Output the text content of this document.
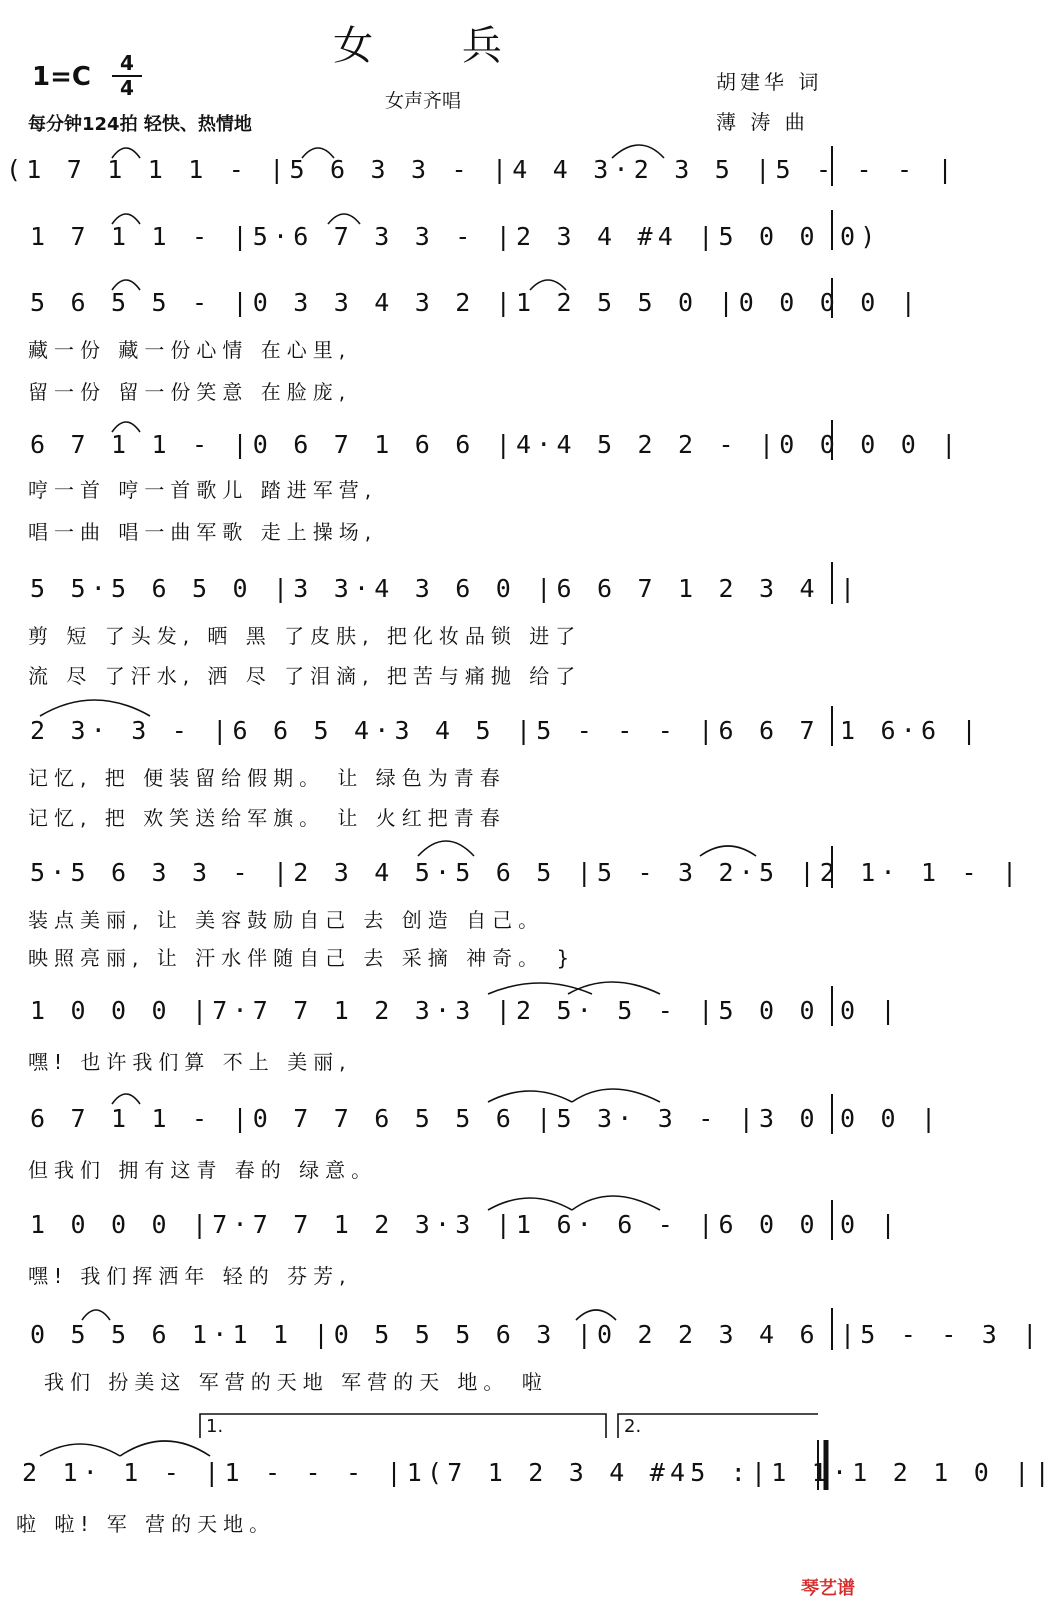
女 兵
1=C	4
4
每分钟124拍 轻快、热情地
女声齐唱
胡建华 词
薄 涛 曲
(1 7 1 1 1 - |5 6 3 3 - |4 4 3·2 3 5 |5 - - - |
1 7 1 1 - |5·6 7 3 3 - |2 3 4 #4 |5 0 0 0)
5 6 5 5 - |0 3 3 4 3 2 |1 2 5 5 0 |0 0 0 0 |
藏一份 藏一份心情 在心里,
留一份 留一份笑意 在脸庞,
6 7 1 1 - |0 6 7 1 6 6 |4·4 5 2 2 - |0 0 0 0 |
哼一首 哼一首歌儿 踏进军营,
唱一曲 唱一曲军歌 走上操场,
5 5·5 6 5 0 |3 3·4 3 6 0 |6 6 7 1 2 3 4 |
剪 短 了头发, 晒 黑 了皮肤, 把化妆品锁 进了
流 尽 了汗水, 洒 尽 了泪滴, 把苦与痛抛 给了
2 3· 3 - |6 6 5 4·3 4 5 |5 - - - |6 6 7 1 6·6 |
记忆, 把 便装留给假期。 让 绿色为青春
记忆, 把 欢笑送给军旗。 让 火红把青春
5·5 6 3 3 - |2 3 4 5·5 6 5 |5 - 3 2·5 |2 1· 1 - |
装点美丽, 让 美容鼓励自己 去 创造 自己。
映照亮丽, 让 汗水伴随自己 去 采摘 神奇。 }
1 0 0 0 |7·7 7 1 2 3·3 |2 5· 5 - |5 0 0 0 |
嘿! 也许我们算 不上 美丽,
6 7 1 1 - |0 7 7 6 5 5 6 |5 3· 3 - |3 0 0 0 |
但我们 拥有这青 春的 绿意。
1 0 0 0 |7·7 7 1 2 3·3 |1 6· 6 - |6 0 0 0 |
嘿! 我们挥洒年 轻的 芬芳,
0 5 5 6 1·1 1 |0 5 5 5 6 3 |0 2 2 3 4 6 |5 - - 3 |
我们 扮美这 军营的天地 军营的天 地。 啦
1.	2.
2 1· 1 - |1 - - - |1(7 1 2 3 4 #45 :|1 1·1 2 1 0 ||
啦 啦! 军 营的天地。
琴艺谱
